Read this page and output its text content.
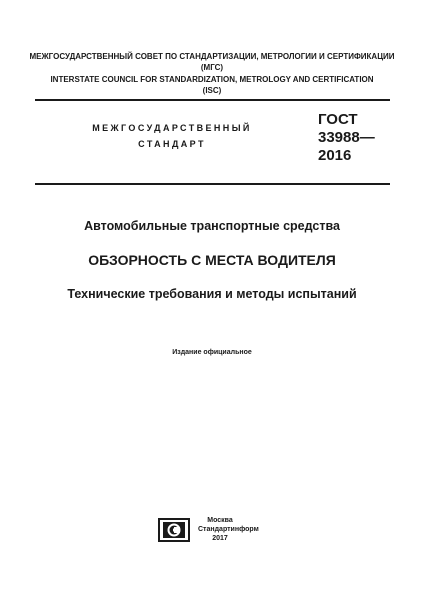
МЕЖГОСУДАРСТВЕННЫЙ СОВЕТ ПО СТАНДАРТИЗАЦИИ, МЕТРОЛОГИИ И СЕРТИФИКАЦИИ
(МГС)
INTERSTATE COUNCIL FOR STANDARDIZATION, METROLOGY AND CERTIFICATION
(ISC)
МЕЖГОСУДАРСТВЕННЫЙ
СТАНДАРТ
ГОСТ
33988—
2016
Автомобильные транспортные средства
ОБЗОРНОСТЬ С МЕСТА ВОДИТЕЛЯ
Технические требования и методы испытаний
Издание официальное
Москва
Стандартинформ
2017
